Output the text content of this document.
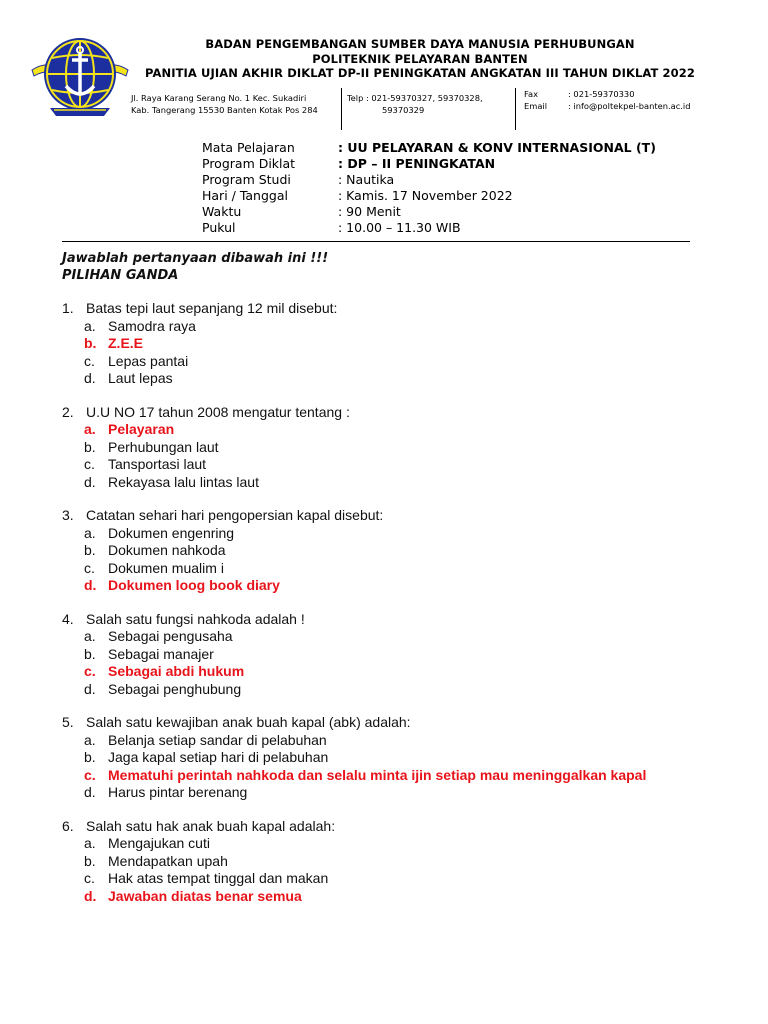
BADAN PENGEMBANGAN SUMBER DAYA MANUSIA PERHUBUNGAN
POLITEKNIK PELAYARAN BANTEN
PANITIA UJIAN AKHIR DIKLAT DP-II PENINGKATAN ANGKATAN III TAHUN DIKLAT 2022
Jl. Raya Karang Serang No. 1 Kec. Sukadiri
Kab. Tangerang 15530 Banten Kotak Pos 284
Telp : 021-59370327, 59370328,
59370329
Fax	: 021-59370330
Email	: info@poltekpel-banten.ac.id
Mata Pelajaran	: UU PELAYARAN & KONV INTERNASIONAL (T)
Program Diklat	: DP – II PENINGKATAN
Program Studi	: Nautika
Hari / Tanggal	: Kamis. 17 November 2022
Waktu	: 90 Menit
Pukul	: 10.00 – 11.30 WIB
Jawablah pertanyaan dibawah ini !!!
PILIHAN GANDA
1. Batas tepi laut sepanjang 12 mil disebut:
a. Samodra raya
b. Z.E.E
c. Lepas pantai
d. Laut lepas
2. U.U NO 17 tahun 2008 mengatur tentang :
a. Pelayaran
b. Perhubungan laut
c. Tansportasi laut
d. Rekayasa lalu lintas laut
3. Catatan sehari hari pengopersian kapal disebut:
a. Dokumen engenring
b. Dokumen nahkoda
c. Dokumen mualim i
d. Dokumen loog book diary
4. Salah satu fungsi nahkoda adalah !
a. Sebagai pengusaha
b. Sebagai manajer
c. Sebagai abdi hukum
d. Sebagai penghubung
5. Salah satu kewajiban anak buah kapal (abk) adalah:
a. Belanja setiap sandar di pelabuhan
b. Jaga kapal setiap hari di pelabuhan
c. Mematuhi perintah nahkoda dan selalu minta ijin setiap mau meninggalkan kapal
d. Harus pintar berenang
6. Salah satu hak anak buah kapal adalah:
a. Mengajukan cuti
b. Mendapatkan upah
c. Hak atas tempat tinggal dan makan
d. Jawaban diatas benar semua
